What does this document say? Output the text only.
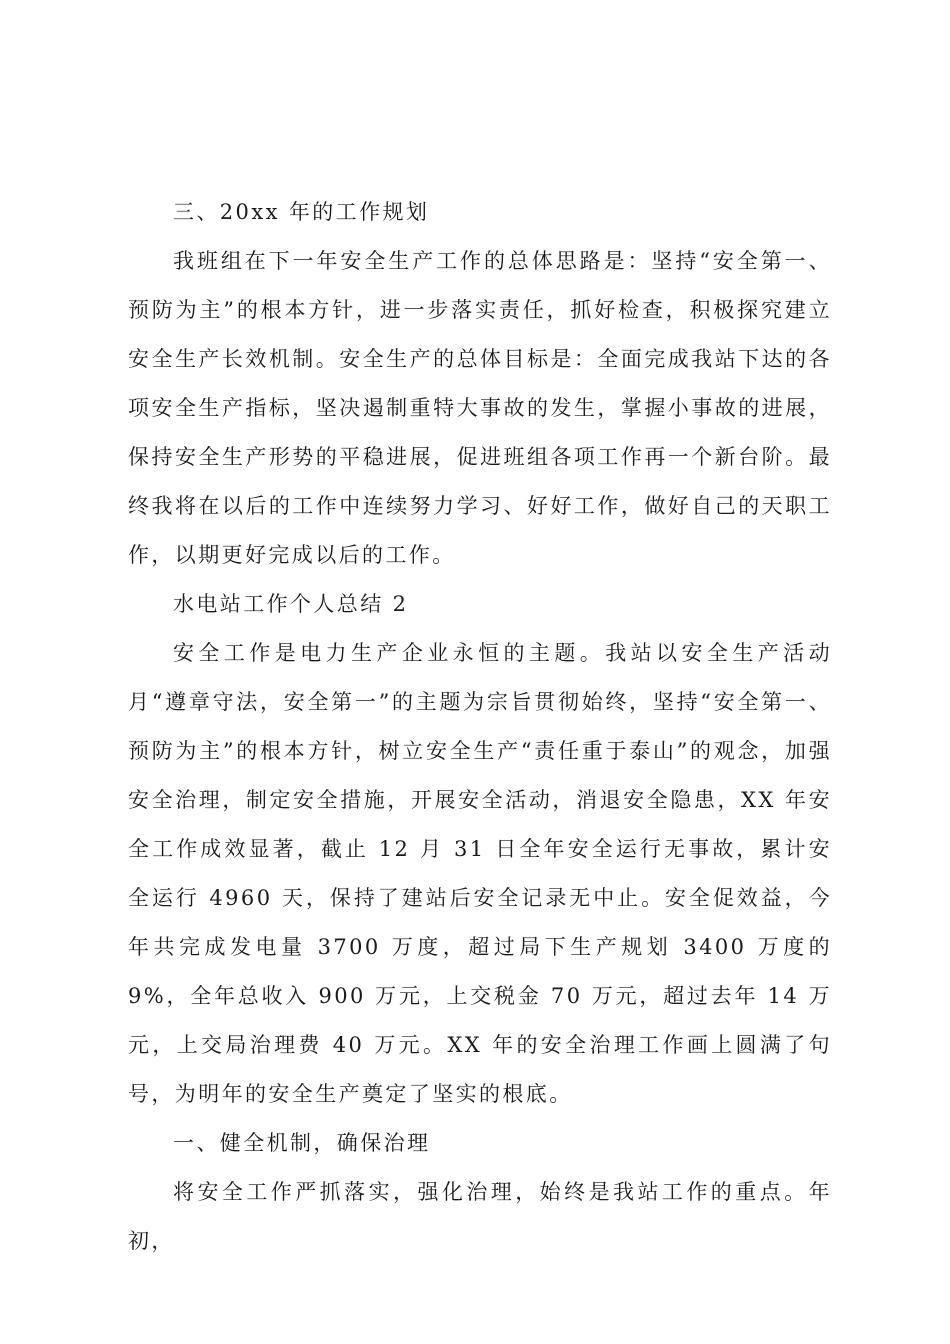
三、20xx 年的工作规划

我班组在下一年安全生产工作的总体思路是：坚持“安全第一、预防为主”的根本方针，进一步落实责任，抓好检查，积极探究建立安全生产长效机制。安全生产的总体目标是：全面完成我站下达的各项安全生产指标，坚决遏制重特大事故的发生，掌握小事故的进展，保持安全生产形势的平稳进展，促进班组各项工作再一个新台阶。最终我将在以后的工作中连续努力学习、好好工作，做好自己的天职工作，以期更好完成以后的工作。

水电站工作个人总结 2

安全工作是电力生产企业永恒的主题。我站以安全生产活动月“遵章守法，安全第一”的主题为宗旨贯彻始终，坚持“安全第一、预防为主”的根本方针，树立安全生产“责任重于泰山”的观念，加强安全治理，制定安全措施，开展安全活动，消退安全隐患，XX 年安全工作成效显著，截止 12 月 31 日全年安全运行无事故，累计安全运行 4960 天，保持了建站后安全记录无中止。安全促效益，今年共完成发电量 3700 万度，超过局下生产规划 3400 万度的 9%，全年总收入 900 万元，上交税金 70 万元，超过去年 14 万元，上交局治理费 40 万元。XX 年的安全治理工作画上圆满了句号，为明年的安全生产奠定了坚实的根底。

一、健全机制，确保治理

将安全工作严抓落实，强化治理，始终是我站工作的重点。年初，
